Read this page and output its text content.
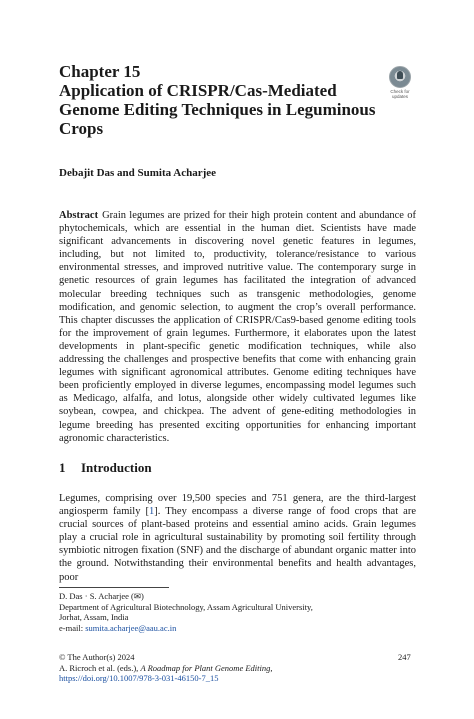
Chapter 15
Application of CRISPR/Cas-Mediated Genome Editing Techniques in Leguminous Crops
Check for
updates
Debajit Das and Sumita Acharjee

Abstract Grain legumes are prized for their high protein content and abundance of phytochemicals, which are essential in the human diet. Scientists have made significant advancements in discovering novel genetic features in legumes, including, but not limited to, productivity, tolerance/resistance to various environmental stresses, and improved nutritive value. The contemporary surge in genetic resources of grain legumes has facilitated the integration of advanced molecular breeding techniques such as transgenic methodologies, genome modification, and genomic selection, to augment the crop’s overall performance. This chapter discusses the application of CRISPR/Cas9-based genome editing tools for the improvement of grain legumes. Furthermore, it elaborates upon the latest developments in plant-specific genetic modification techniques, while also addressing the challenges and prospective benefits that come with enhancing grain legumes with significant agronomical attributes. Genome editing techniques have been proficiently employed in diverse legumes, encompassing model legumes such as Medicago, alfalfa, and lotus, alongside other widely cultivated legumes like soybean, cowpea, and chickpea. The advent of gene-editing methodologies in legume breeding has presented exciting opportunities for enhancing important agronomic characteristics.

1 Introduction

Legumes, comprising over 19,500 species and 751 genera, are the third-largest angiosperm family [1]. They encompass a diverse range of food crops that are crucial sources of plant-based proteins and essential amino acids. Grain legumes play a crucial role in agricultural sustainability by promoting soil fertility through symbiotic nitrogen fixation (SNF) and the discharge of abundant organic matter into the ground. Notwithstanding their environmental benefits and health advantages, poor

D. Das · S. Acharjee (✉)
Department of Agricultural Biotechnology, Assam Agricultural University,
Jorhat, Assam, India
e-mail: sumita.acharjee@aau.ac.in
© The Author(s) 2024
A. Ricroch et al. (eds.), A Roadmap for Plant Genome Editing,
https://doi.org/10.1007/978-3-031-46150-7_15
247
